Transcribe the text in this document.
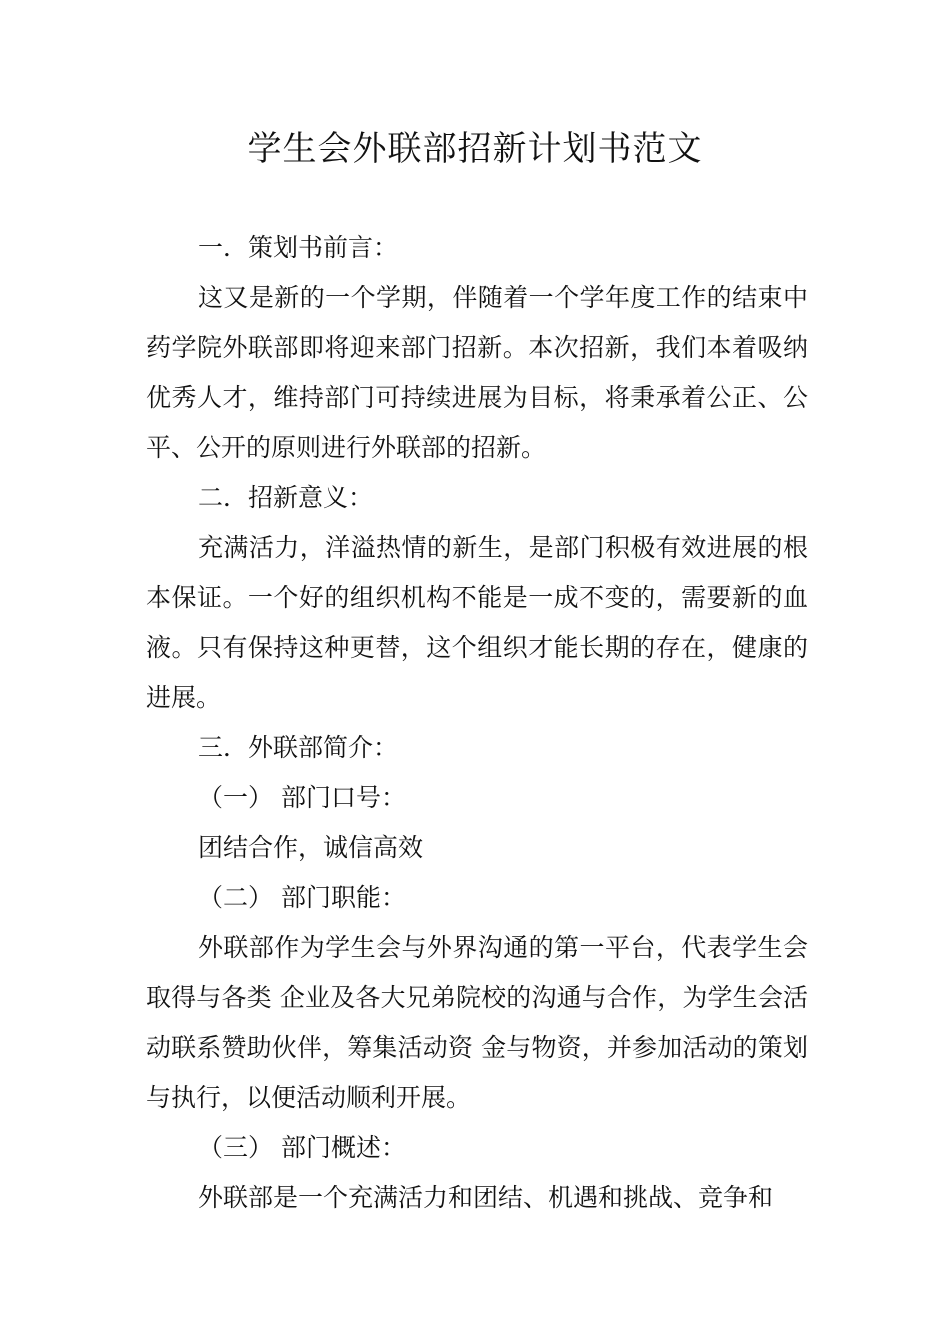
学生会外联部招新计划书范文

一．策划书前言：

这又是新的一个学期，伴随着一个学年度工作的结束中药学院外联部即将迎来部门招新。本次招新，我们本着吸纳优秀人才，维持部门可持续进展为目标，将秉承着公正、公平、公开的原则进行外联部的招新。

二．招新意义：

充满活力，洋溢热情的新生，是部门积极有效进展的根本保证。一个好的组织机构不能是一成不变的，需要新的血液。只有保持这种更替，这个组织才能长期的存在，健康的进展。

三．外联部简介：

（一） 部门口号：

团结合作，诚信高效

（二） 部门职能：

外联部作为学生会与外界沟通的第一平台，代表学生会取得与各类 企业及各大兄弟院校的沟通与合作，为学生会活动联系赞助伙伴，筹集活动资 金与物资，并参加活动的策划与执行，以便活动顺利开展。

（三） 部门概述：

外联部是一个充满活力和团结、机遇和挑战、竞争和
